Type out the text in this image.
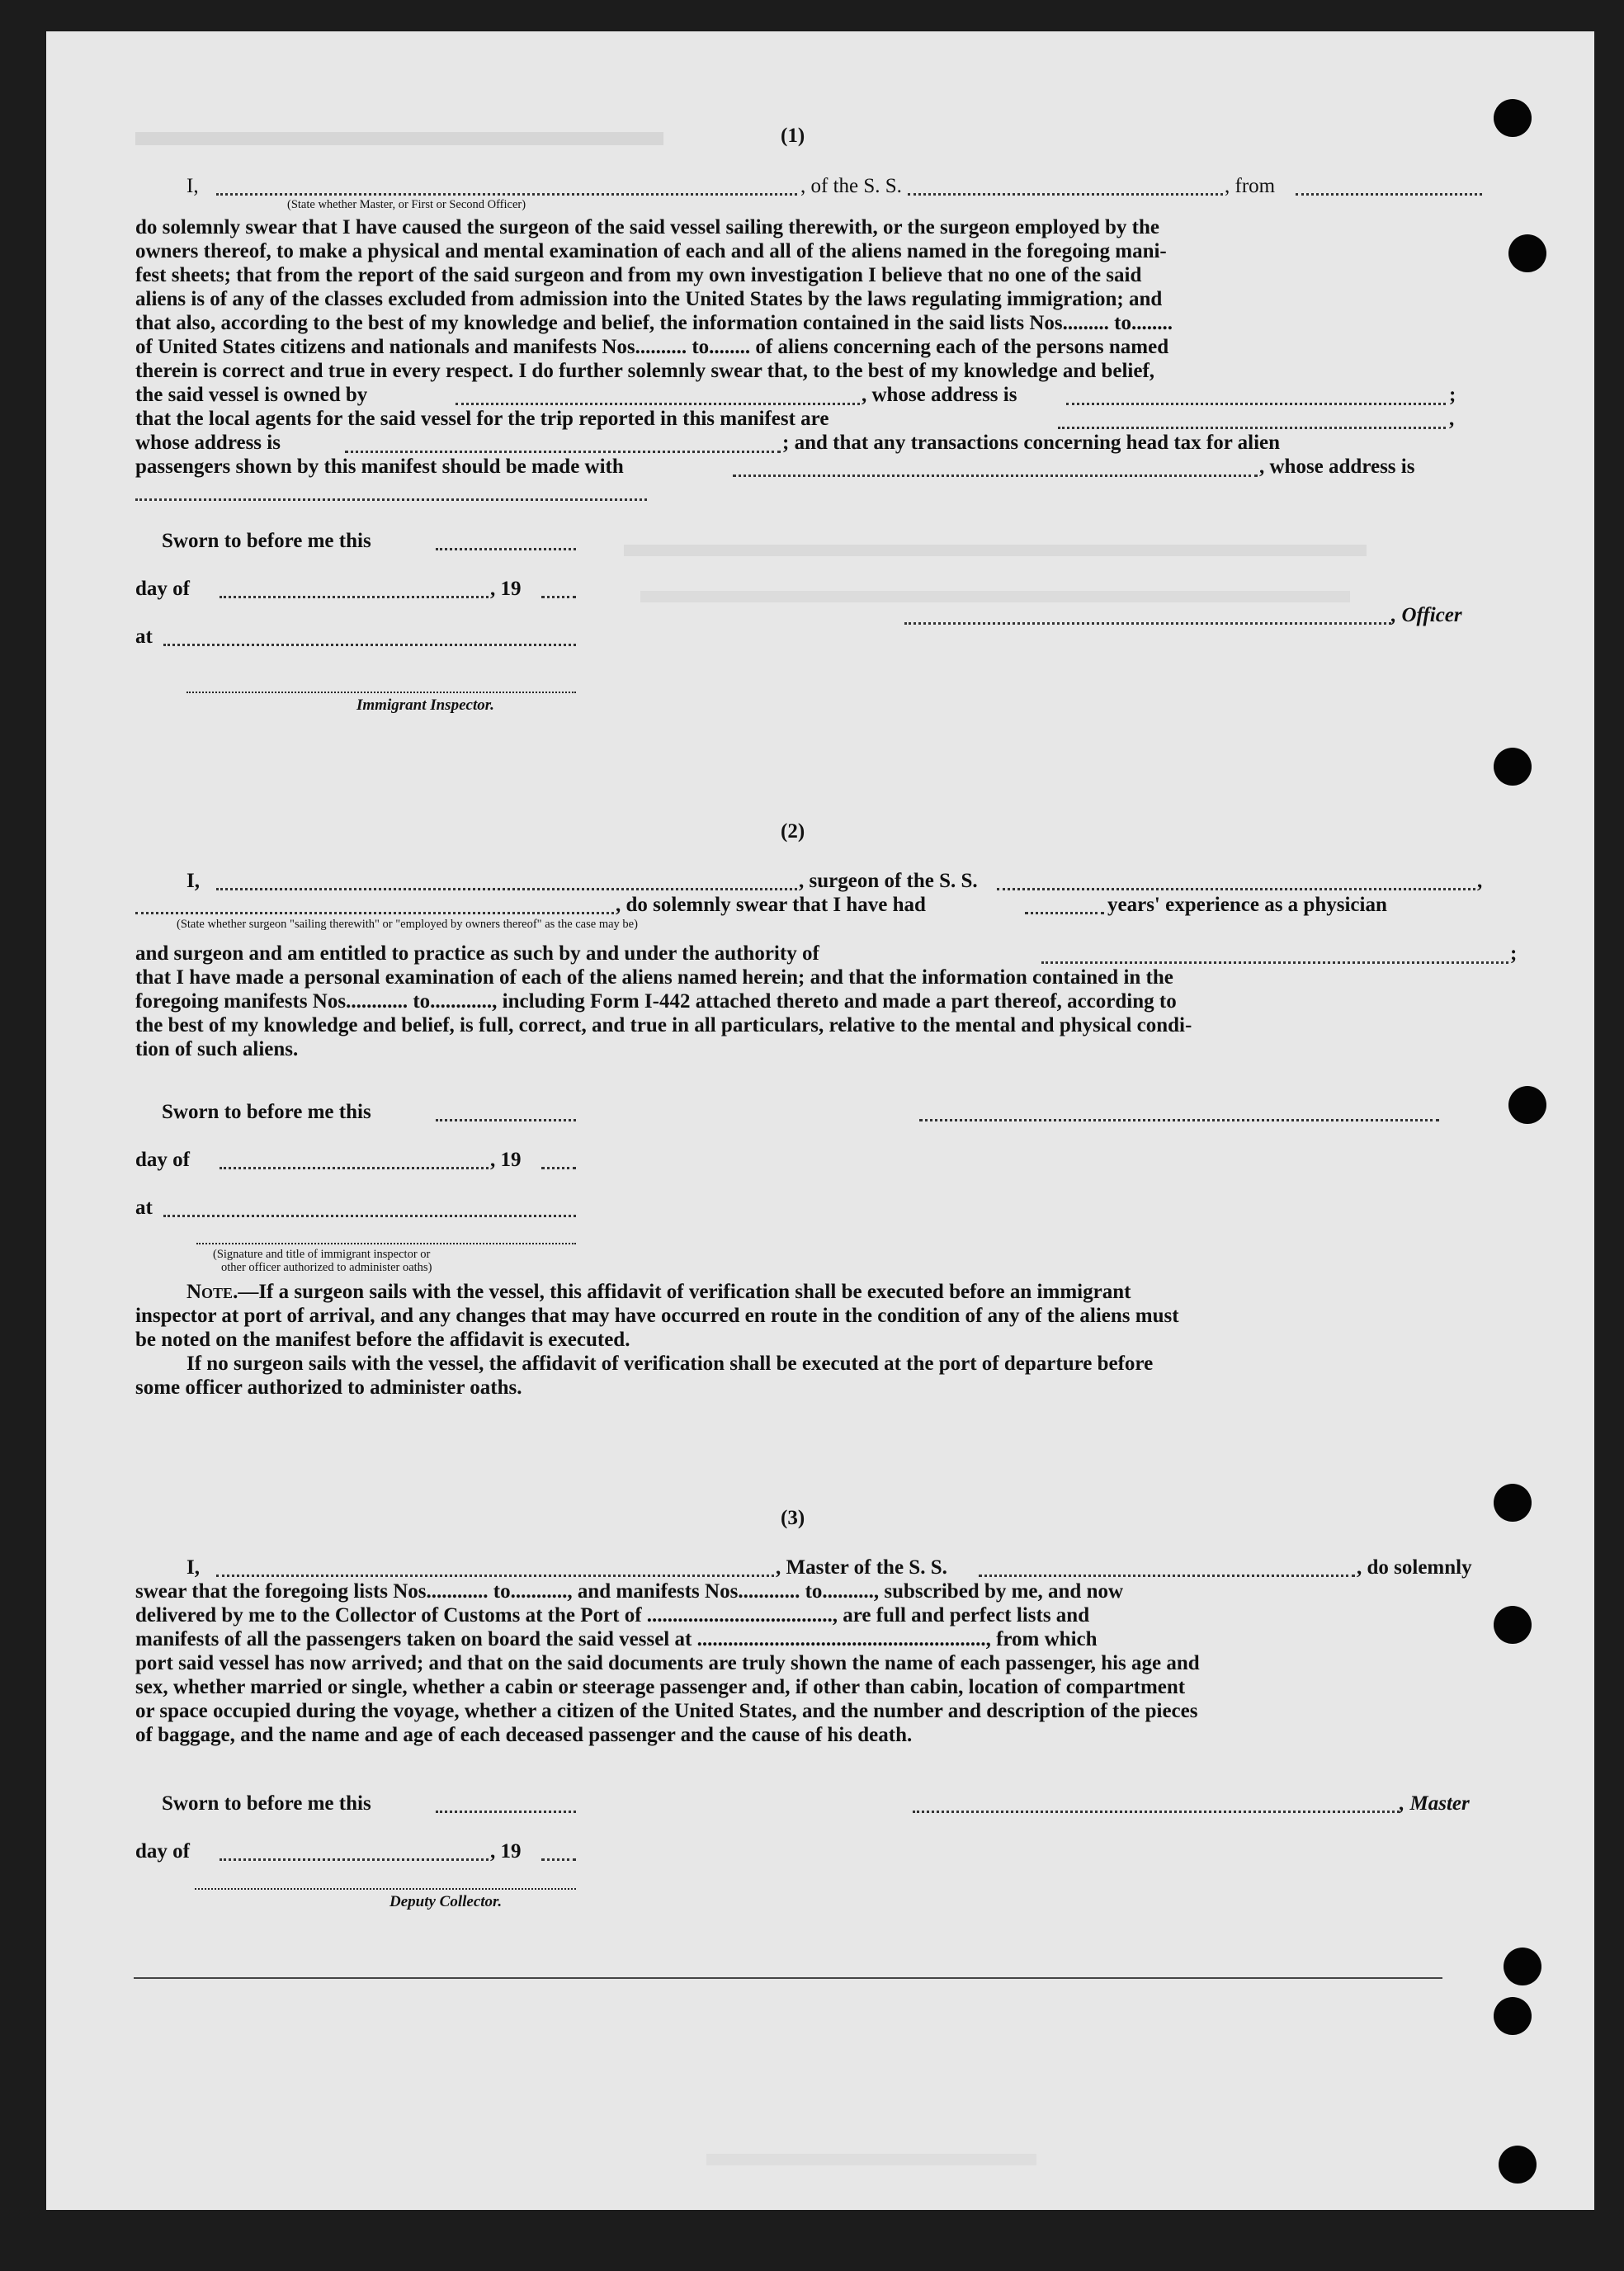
(1)
I,	, of the S. S.	, from
(State whether Master, or First or Second Officer)
do solemnly swear that I have caused the surgeon of the said vessel sailing therewith, or the surgeon employed by the
owners thereof, to make a physical and mental examination of each and all of the aliens named in the foregoing mani-
fest sheets; that from the report of the said surgeon and from my own investigation I believe that no one of the said
aliens is of any of the classes excluded from admission into the United States by the laws regulating immigration; and
that also, according to the best of my knowledge and belief, the information contained in the said lists Nos......... to........
of United States citizens and nationals and manifests Nos.......... to........ of aliens concerning each of the persons named
therein is correct and true in every respect. I do further solemnly swear that, to the best of my knowledge and belief,
the said vessel is owned by	, whose address is	;
that the local agents for the said vessel for the trip reported in this manifest are	,
whose address is	; and that any transactions concerning head tax for alien
passengers shown by this manifest should be made with	, whose address is
Sworn to before me this
day of	, 19
at
, Officer
Immigrant Inspector.
(2)
I,	, surgeon of the S. S.	,
, do solemnly swear that I have had	years' experience as a physician
(State whether surgeon "sailing therewith" or "employed by owners thereof" as the case may be)
and surgeon and am entitled to practice as such by and under the authority of	;
that I have made a personal examination of each of the aliens named herein; and that the information contained in the
foregoing manifests Nos............ to............, including Form I-442 attached thereto and made a part thereof, according to
the best of my knowledge and belief, is full, correct, and true in all particulars, relative to the mental and physical condi-
tion of such aliens.
Sworn to before me this
day of	, 19
at
(Signature and title of immigrant inspector or
other officer authorized to administer oaths)
Note.—If a surgeon sails with the vessel, this affidavit of verification shall be executed before an immigrant
inspector at port of arrival, and any changes that may have occurred en route in the condition of any of the aliens must
be noted on the manifest before the affidavit is executed.
If no surgeon sails with the vessel, the affidavit of verification shall be executed at the port of departure before
some officer authorized to administer oaths.
(3)
I,	, Master of the S. S.	, do solemnly
swear that the foregoing lists Nos............ to..........., and manifests Nos............ to.........., subscribed by me, and now
delivered by me to the Collector of Customs at the Port of ...................................., are full and perfect lists and
manifests of all the passengers taken on board the said vessel at ........................................................, from which
port said vessel has now arrived; and that on the said documents are truly shown the name of each passenger, his age and
sex, whether married or single, whether a cabin or steerage passenger and, if other than cabin, location of compartment
or space occupied during the voyage, whether a citizen of the United States, and the number and description of the pieces
of baggage, and the name and age of each deceased passenger and the cause of his death.
Sworn to before me this	, Master
day of	, 19
Deputy Collector.
